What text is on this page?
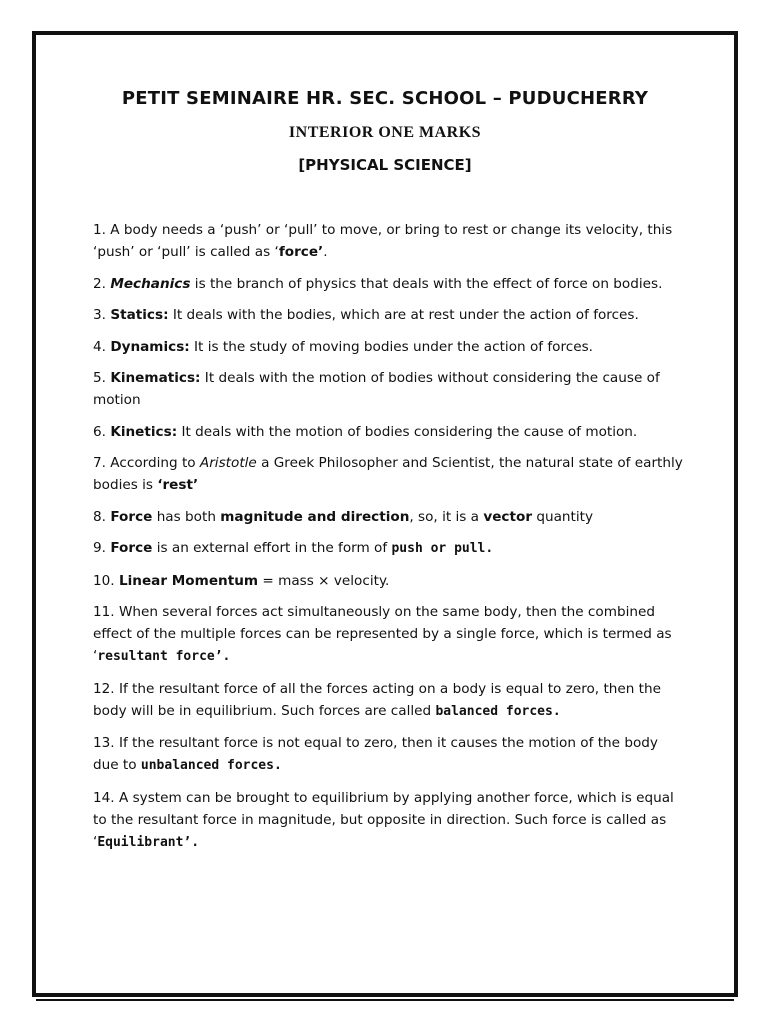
PETIT SEMINAIRE HR. SEC. SCHOOL – PUDUCHERRY
INTERIOR ONE MARKS
[PHYSICAL SCIENCE]

1. A body needs a ‘push’ or ‘pull’ to move, or bring to rest or change its velocity, this ‘push’ or ‘pull’ is called as ‘force’.

2. Mechanics is the branch of physics that deals with the effect of force on bodies.

3. Statics: It deals with the bodies, which are at rest under the action of forces.

4. Dynamics: It is the study of moving bodies under the action of forces.

5. Kinematics: It deals with the motion of bodies without considering the cause of motion

6. Kinetics: It deals with the motion of bodies considering the cause of motion.

7. According to Aristotle a Greek Philosopher and Scientist, the natural state of earthly bodies is ‘rest’

8. Force has both magnitude and direction, so, it is a vector quantity

9. Force is an external effort in the form of push or pull.

10. Linear Momentum = mass × velocity.

11. When several forces act simultaneously on the same body, then the combined effect of the multiple forces can be represented by a single force, which is termed as ‘resultant force’.

12. If the resultant force of all the forces acting on a body is equal to zero, then the body will be in equilibrium. Such forces are called balanced forces.

13. If the resultant force is not equal to zero, then it causes the motion of the body due to unbalanced forces.

14. A system can be brought to equilibrium by applying another force, which is equal to the resultant force in magnitude, but opposite in direction. Such force is called as ‘Equilibrant’.
